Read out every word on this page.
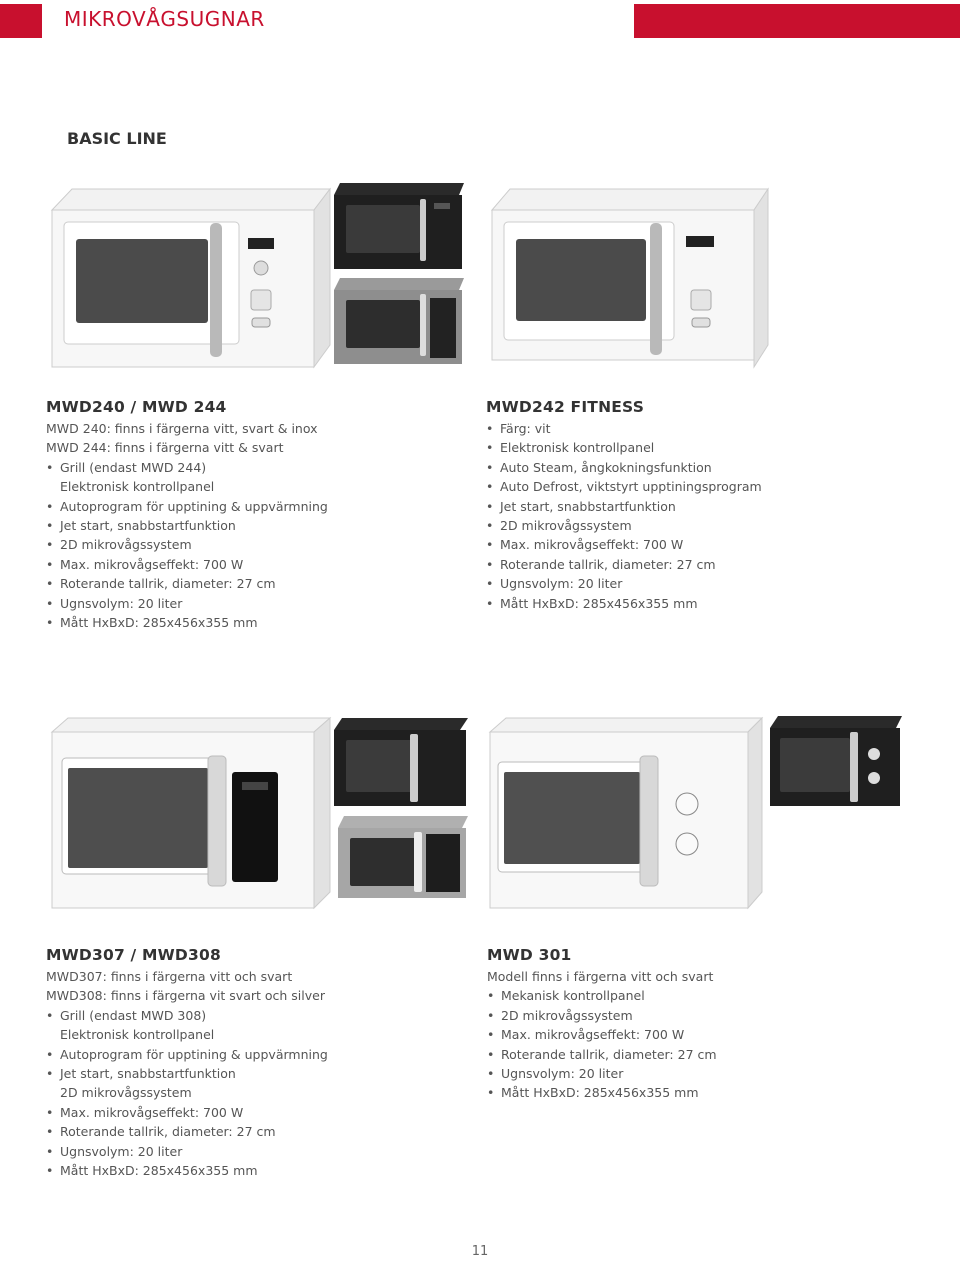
MIKROVÅGSUGNAR
BASIC LINE
MWD240 / MWD 244
MWD 240: finns i färgerna vitt, svart & inox
MWD 244: finns i färgerna vitt & svart
• Grill (endast MWD 244)
Elektronisk kontrollpanel
• Autoprogram för upptining & uppvärmning
• Jet start, snabbstartfunktion
• 2D mikrovågssystem
• Max. mikrovågseffekt: 700 W
• Roterande tallrik, diameter: 27 cm
• Ugnsvolym: 20 liter
• Mått HxBxD: 285x456x355 mm
MWD242 FITNESS
• Färg: vit
• Elektronisk kontrollpanel
• Auto Steam, ångkokningsfunktion
• Auto Defrost, viktstyrt upptiningsprogram
• Jet start, snabbstartfunktion
• 2D mikrovågssystem
• Max. mikrovågseffekt: 700 W
• Roterande tallrik, diameter: 27 cm
• Ugnsvolym: 20 liter
• Mått HxBxD: 285x456x355 mm
MWD307 / MWD308
MWD307: finns i färgerna vitt och svart
MWD308: finns i färgerna vit svart och silver
• Grill (endast MWD 308)
Elektronisk kontrollpanel
• Autoprogram för upptining & uppvärmning
• Jet start, snabbstartfunktion
2D mikrovågssystem
• Max. mikrovågseffekt: 700 W
• Roterande tallrik, diameter: 27 cm
• Ugnsvolym: 20 liter
• Mått HxBxD: 285x456x355 mm
MWD 301
Modell finns i färgerna vitt och svart
• Mekanisk kontrollpanel
• 2D mikrovågssystem
• Max. mikrovågseffekt: 700 W
• Roterande tallrik, diameter: 27 cm
• Ugnsvolym: 20 liter
• Mått HxBxD: 285x456x355 mm
11
